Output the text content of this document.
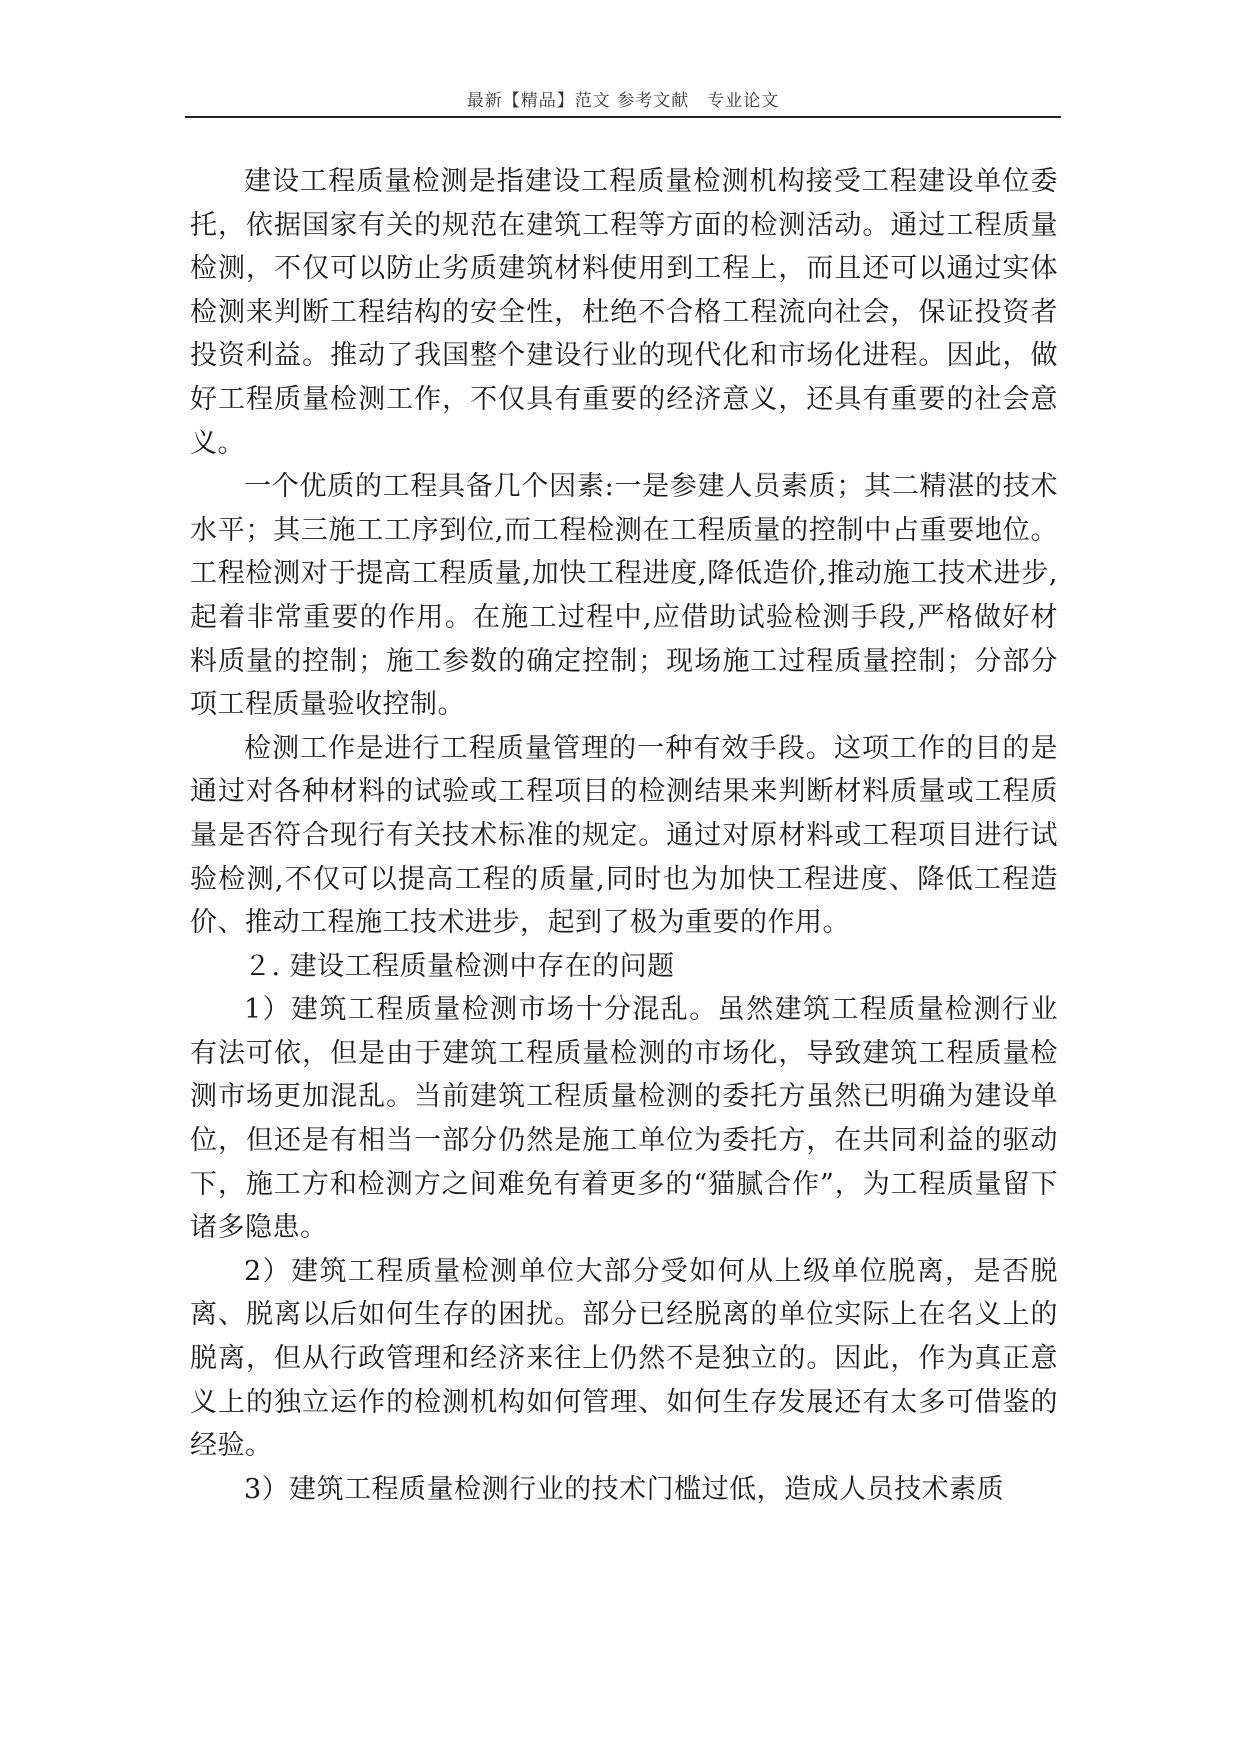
最新【精品】范文 参考文献　专业论文

建设工程质量检测是指建设工程质量检测机构接受工程建设单位委托，依据国家有关的规范在建筑工程等方面的检测活动。通过工程质量检测，不仅可以防止劣质建筑材料使用到工程上，而且还可以通过实体检测来判断工程结构的安全性，杜绝不合格工程流向社会，保证投资者投资利益。推动了我国整个建设行业的现代化和市场化进程。因此，做好工程质量检测工作，不仅具有重要的经济意义，还具有重要的社会意义。

一个优质的工程具备几个因素:一是参建人员素质；其二精湛的技术水平；其三施工工序到位,而工程检测在工程质量的控制中占重要地位。工程检测对于提高工程质量,加快工程进度,降低造价,推动施工技术进步,起着非常重要的作用。在施工过程中,应借助试验检测手段,严格做好材料质量的控制；施工参数的确定控制；现场施工过程质量控制；分部分项工程质量验收控制。

检测工作是进行工程质量管理的一种有效手段。这项工作的目的是通过对各种材料的试验或工程项目的检测结果来判断材料质量或工程质量是否符合现行有关技术标准的规定。通过对原材料或工程项目进行试验检测,不仅可以提高工程的质量,同时也为加快工程进度、降低工程造价、推动工程施工技术进步，起到了极为重要的作用。

２. 建设工程质量检测中存在的问题

1）建筑工程质量检测市场十分混乱。虽然建筑工程质量检测行业有法可依，但是由于建筑工程质量检测的市场化，导致建筑工程质量检测市场更加混乱。当前建筑工程质量检测的委托方虽然已明确为建设单位，但还是有相当一部分仍然是施工单位为委托方，在共同利益的驱动下，施工方和检测方之间难免有着更多的“猫腻合作”，为工程质量留下诸多隐患。

2）建筑工程质量检测单位大部分受如何从上级单位脱离，是否脱离、脱离以后如何生存的困扰。部分已经脱离的单位实际上在名义上的脱离，但从行政管理和经济来往上仍然不是独立的。因此，作为真正意义上的独立运作的检测机构如何管理、如何生存发展还有太多可借鉴的经验。

3）建筑工程质量检测行业的技术门槛过低，造成人员技术素质
